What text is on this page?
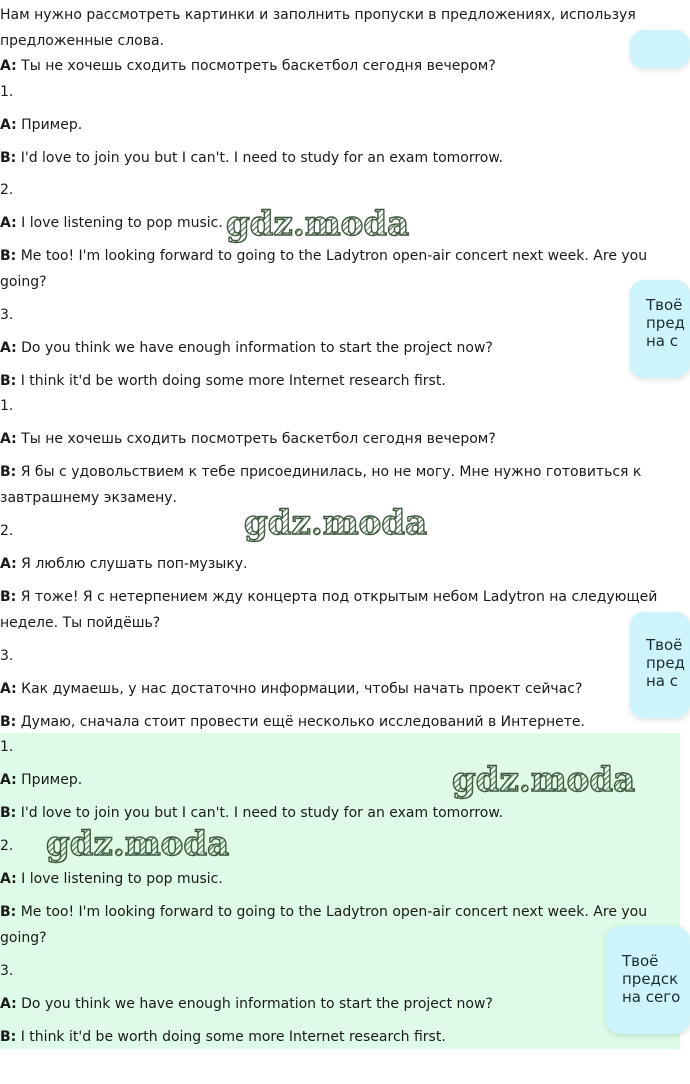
Нам нужно рассмотреть картинки и заполнить пропуски в предложениях, используя
предложенные слова.
A: Ты не хочешь сходить посмотреть баскетбол сегодня вечером?
1.
A: Пример.
B: I'd love to join you but I can't. I need to study for an exam tomorrow.
2.
A: I love listening to pop music.
B: Me too! I'm looking forward to going to the Ladytron open-air concert next week. Are you
going?
3.
A: Do you think we have enough information to start the project now?
B: I think it'd be worth doing some more Internet research first.
1.
A: Ты не хочешь сходить посмотреть баскетбол сегодня вечером?
B: Я бы с удовольствием к тебе присоединилась, но не могу. Мне нужно готовиться к
завтрашнему экзамену.
2.
A: Я люблю слушать поп-музыку.
B: Я тоже! Я с нетерпением жду концерта под открытым небом Ladytron на следующей
неделе. Ты пойдёшь?
3.
A: Как думаешь, у нас достаточно информации, чтобы начать проект сейчас?
B: Думаю, сначала стоит провести ещё несколько исследований в Интернете.
1.
A: Пример.
B: I'd love to join you but I can't. I need to study for an exam tomorrow.
2.
A: I love listening to pop music.
B: Me too! I'm looking forward to going to the Ladytron open-air concert next week. Are you
going?
3.
A: Do you think we have enough information to start the project now?
B: I think it'd be worth doing some more Internet research first.
gdz.moda
gdz.moda
gdz.moda
gdz.moda
Твоё
пред
на с
Твоё
пред
на с
Твоё
предск
на сего
